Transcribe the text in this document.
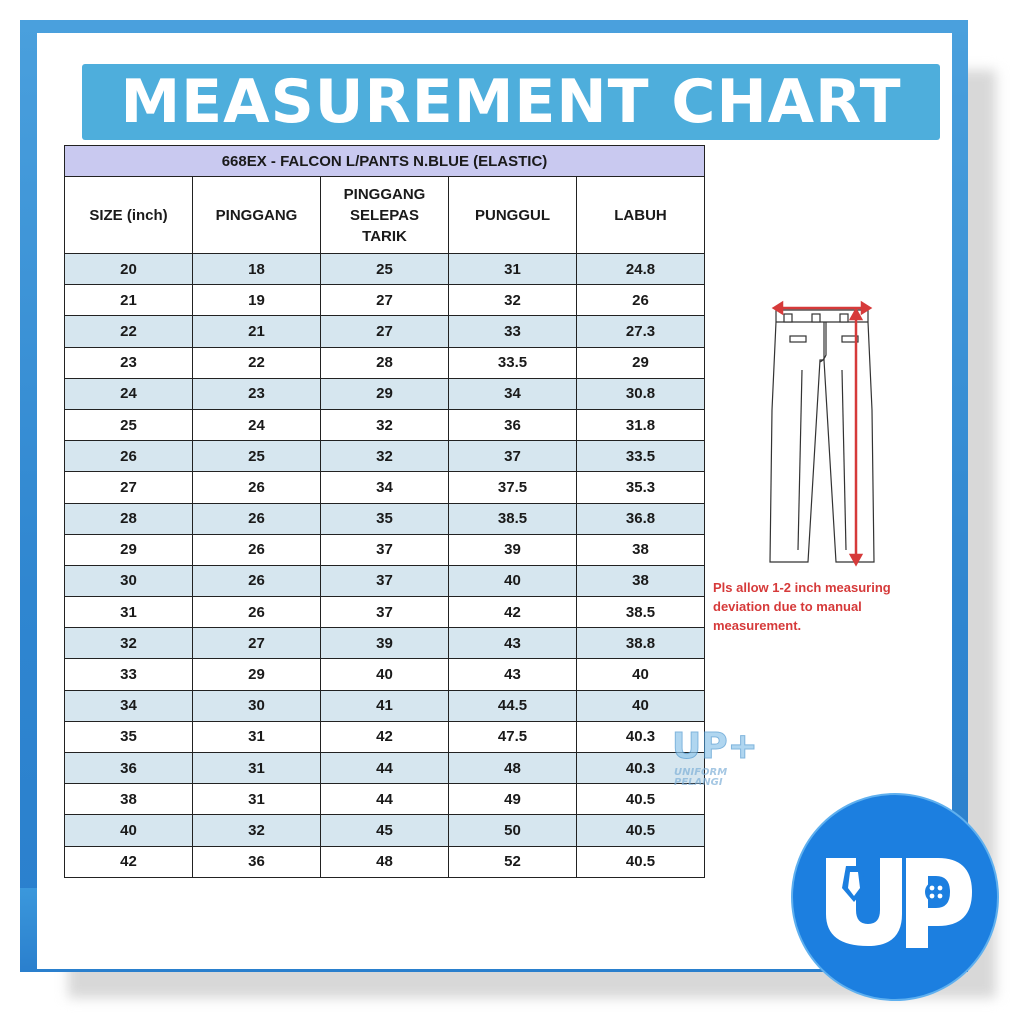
MEASUREMENT CHART
668EX - FALCON L/PANTS N.BLUE (ELASTIC)				
SIZE (inch)	PINGGANG	PINGGANG SELEPAS TARIK	PUNGGUL	LABUH
20	18	25	31	24.8
21	19	27	32	26
22	21	27	33	27.3
23	22	28	33.5	29
24	23	29	34	30.8
25	24	32	36	31.8
26	25	32	37	33.5
27	26	34	37.5	35.3
28	26	35	38.5	36.8
29	26	37	39	38
30	26	37	40	38
31	26	37	42	38.5
32	27	39	43	38.8
33	29	40	43	40
34	30	41	44.5	40
35	31	42	47.5	40.3
36	31	44	48	40.3
38	31	44	49	40.5
40	32	45	50	40.5
42	36	48	52	40.5
Pls allow 1-2 inch measuring deviation due to manual measurement.
UP+
UNIFORM
PELANGI
UP
